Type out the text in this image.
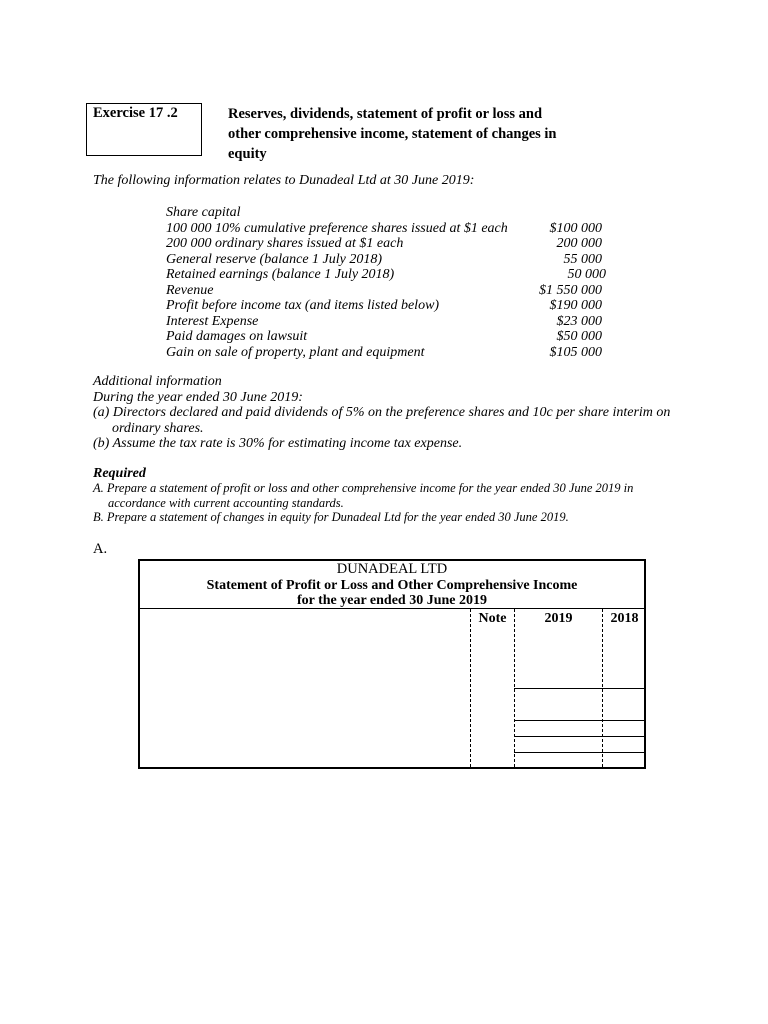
Exercise 17 .2	Reserves, dividends, statement of profit or loss and other comprehensive income, statement of changes in equity
The following information relates to Dunadeal Ltd at 30 June 2019:
Share capital
100 000 10% cumulative preference shares issued at $1 each	$100 000
200 000 ordinary shares issued at $1 each	200 000
General reserve (balance 1 July 2018)	55 000
Retained earnings (balance 1 July 2018)	50 000
Revenue	$1 550 000
Profit before income tax (and items listed below)	$190 000
Interest Expense	$23 000
Paid damages on lawsuit	$50 000
Gain on sale of property, plant and equipment	$105 000
Additional information
During the year ended 30 June 2019:
(a) Directors declared and paid dividends of 5% on the preference shares and 10c per share interim on ordinary shares.
(b) Assume the tax rate is 30% for estimating income tax expense.
Required
A. Prepare a statement of profit or loss and other comprehensive income for the year ended 30 June 2019 in accordance with current accounting standards.
B. Prepare a statement of changes in equity for Dunadeal Ltd for the year ended 30 June 2019.
A.
DUNADEAL LTD
Statement of Profit or Loss and Other Comprehensive Income
for the year ended 30 June 2019
Note	2019	2018
